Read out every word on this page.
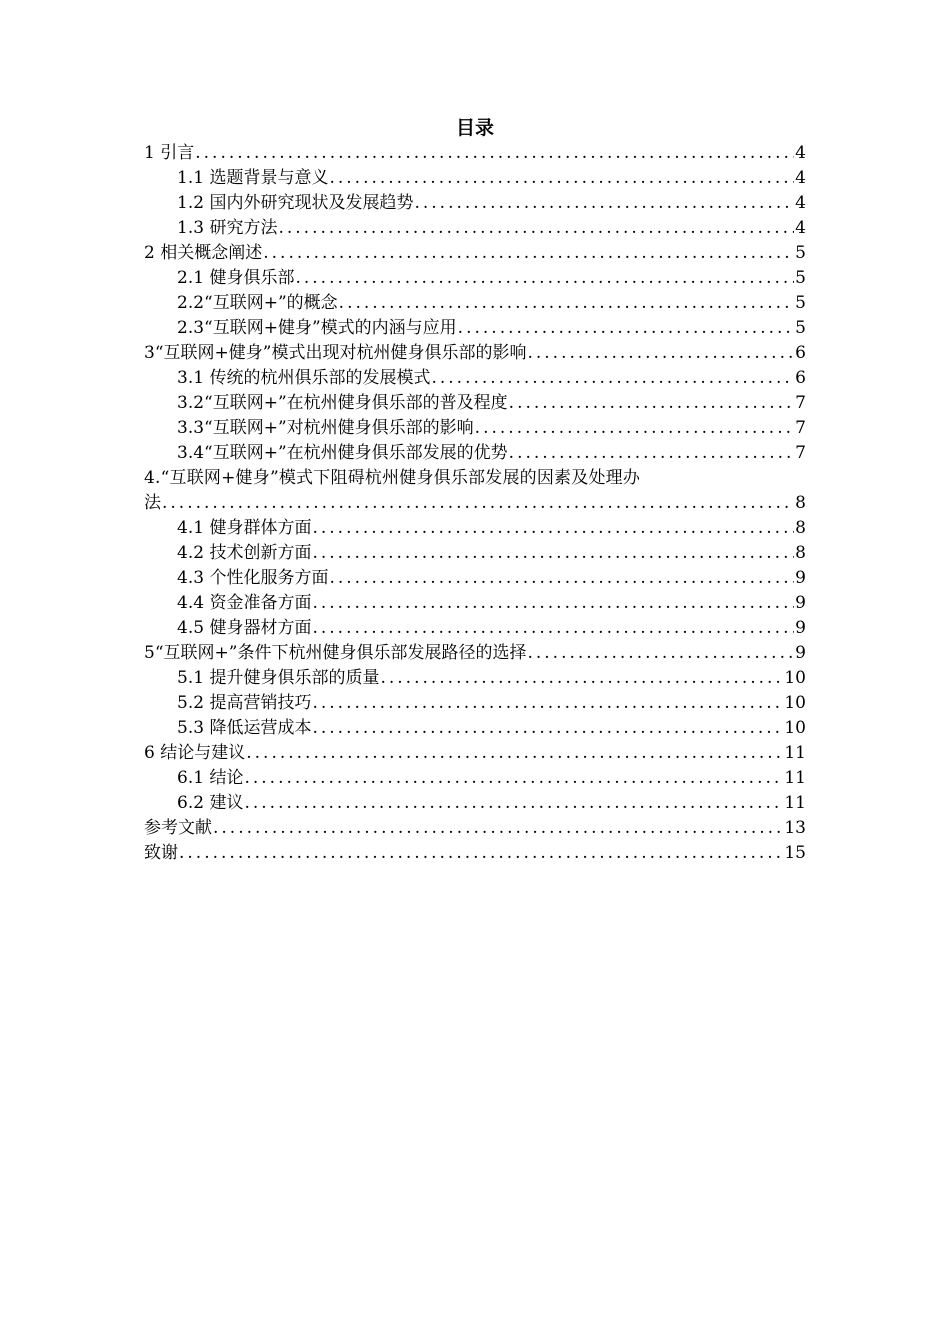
目录
1 引言 .....	4
1.1 选题背景与意义 .....	4
1.2 国内外研究现状及发展趋势 .....	4
1.3 研究方法 .....	4
2 相关概念阐述 .....	5
2.1 健身俱乐部 .....	5
2.2“互联网+”的概念 .....	5
2.3“互联网+健身”模式的内涵与应用 .....	5
3“互联网+健身”模式出现对杭州健身俱乐部的影响 .....	6
3.1 传统的杭州俱乐部的发展模式 .....	6
3.2“互联网+”在杭州健身俱乐部的普及程度 .....	7
3.3“互联网+”对杭州健身俱乐部的影响 .....	7
3.4“互联网+”在杭州健身俱乐部发展的优势 .....	7
4.“互联网+健身”模式下阻碍杭州健身俱乐部发展的因素及处理办
法 .....	8
4.1 健身群体方面 .....	8
4.2 技术创新方面 .....	8
4.3 个性化服务方面 .....	9
4.4 资金准备方面 .....	9
4.5 健身器材方面 .....	9
5“互联网+”条件下杭州健身俱乐部发展路径的选择 .....	9
5.1 提升健身俱乐部的质量 .....	10
5.2 提高营销技巧 .....	10
5.3 降低运营成本 .....	10
6 结论与建议 .....	11
6.1 结论 .....	11
6.2 建议 .....	11
参考文献 .....	13
致谢 .....	15
